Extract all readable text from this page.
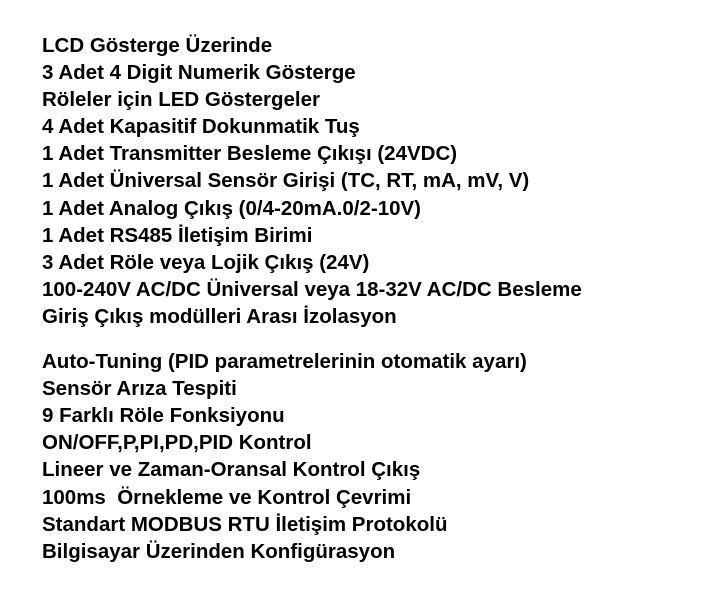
LCD Gösterge Üzerinde
3 Adet 4 Digit Numerik Gösterge
Röleler için LED Göstergeler
4 Adet Kapasitif Dokunmatik Tuş
1 Adet Transmitter Besleme Çıkışı (24VDC)
1 Adet Üniversal Sensör Girişi (TC, RT, mA, mV, V)
1 Adet Analog Çıkış (0/4-20mA.0/2-10V)
1 Adet RS485 İletişim Birimi
3 Adet Röle veya Lojik Çıkış (24V)
100-240V AC/DC Üniversal veya 18-32V AC/DC Besleme
Giriş Çıkış modülleri Arası İzolasyon
Auto-Tuning (PID parametrelerinin otomatik ayarı)
Sensör Arıza Tespiti
9 Farklı Röle Fonksiyonu
ON/OFF,P,PI,PD,PID Kontrol
Lineer ve Zaman-Oransal Kontrol Çıkış
100ms  Örnekleme ve Kontrol Çevrimi
Standart MODBUS RTU İletişim Protokolü
Bilgisayar Üzerinden Konfigürasyon
